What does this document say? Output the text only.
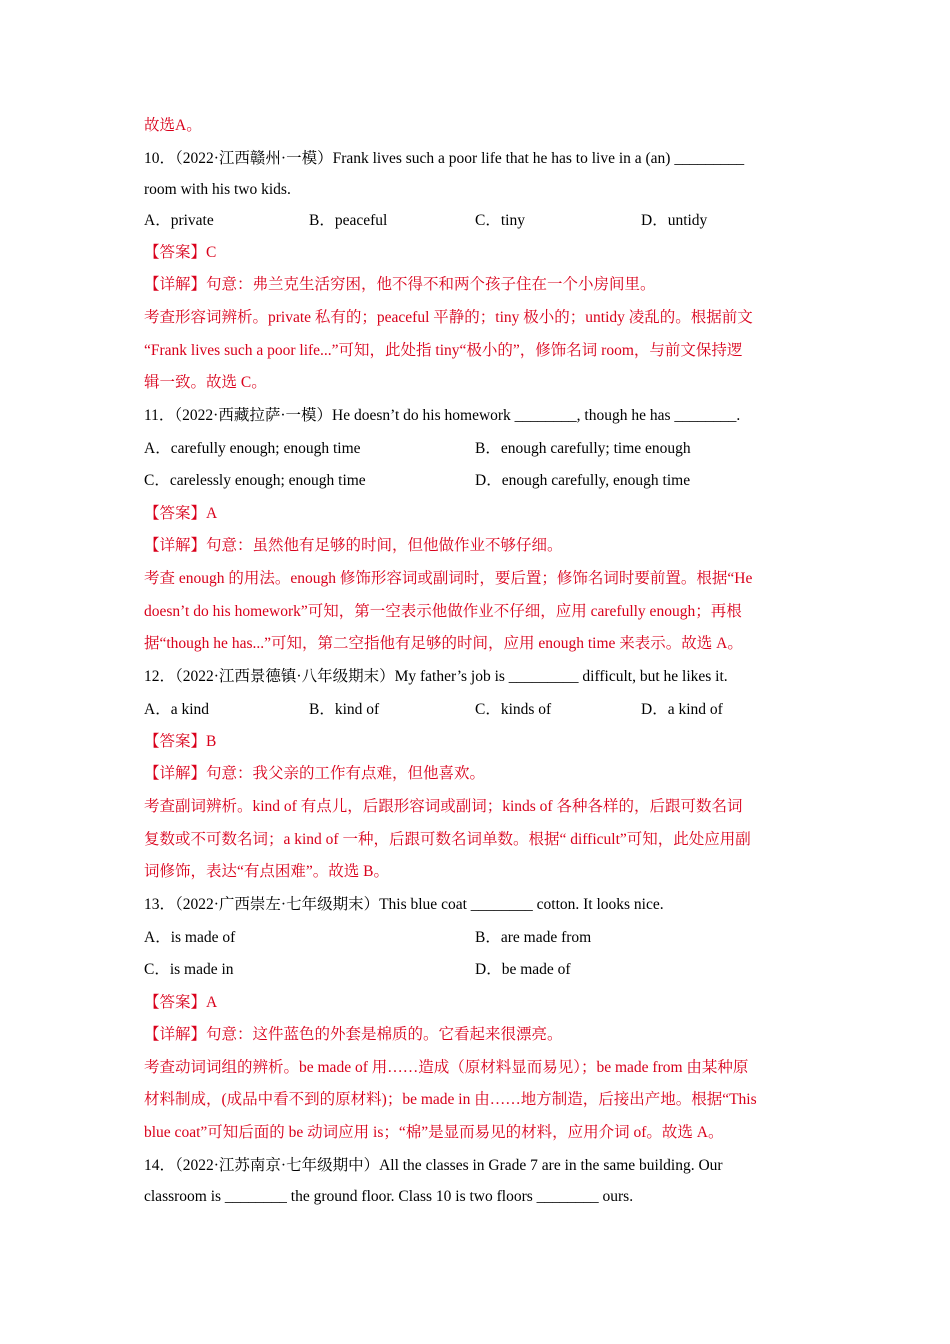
故选A。
10．（2022·江西赣州·一模）Frank lives such a poor life that he has to live in a (an) _________
room with his two kids.
A．private	B．peaceful	C．tiny	D．untidy
【答案】C
【详解】句意：弗兰克生活穷困，他不得不和两个孩子住在一个小房间里。
考查形容词辨析。private 私有的；peaceful 平静的；tiny 极小的；untidy 凌乱的。根据前文
“Frank lives such a poor life...”可知，此处指 tiny“极小的”，修饰名词 room，与前文保持逻
辑一致。故选 C。
11．（2022·西藏拉萨·一模）He doesn’t do his homework ________, though he has ________.
A．carefully enough; enough time	B．enough carefully; time enough
C．carelessly enough; enough time	D．enough carefully, enough time
【答案】A
【详解】句意：虽然他有足够的时间，但他做作业不够仔细。
考查 enough 的用法。enough 修饰形容词或副词时，要后置；修饰名词时要前置。根据“He
doesn’t do his homework”可知，第一空表示他做作业不仔细，应用 carefully enough；再根
据“though he has...”可知，第二空指他有足够的时间，应用 enough time 来表示。故选 A。
12．（2022·江西景德镇·八年级期末）My father’s job is _________ difficult, but he likes it.
A．a kind	B．kind of	C．kinds of	D．a kind of
【答案】B
【详解】句意：我父亲的工作有点难，但他喜欢。
考查副词辨析。kind of 有点儿，后跟形容词或副词；kinds of 各种各样的，后跟可数名词
复数或不可数名词；a kind of 一种，后跟可数名词单数。根据“ difficult”可知，此处应用副
词修饰，表达“有点困难”。故选 B。
13．（2022·广西崇左·七年级期末）This blue coat ________ cotton. It looks nice.
A．is made of	B．are made from
C．is made in	D．be made of
【答案】A
【详解】句意：这件蓝色的外套是棉质的。它看起来很漂亮。
考查动词词组的辨析。be made of 用……造成（原材料显而易见）；be made from 由某种原
材料制成，(成品中看不到的原材料)；be made in 由……地方制造，后接出产地。根据“This
blue coat”可知后面的 be 动词应用 is；“棉”是显而易见的材料，应用介词 of。故选 A。
14．（2022·江苏南京·七年级期中）All the classes in Grade 7 are in the same building. Our
classroom is ________ the ground floor. Class 10 is two floors ________ ours.
